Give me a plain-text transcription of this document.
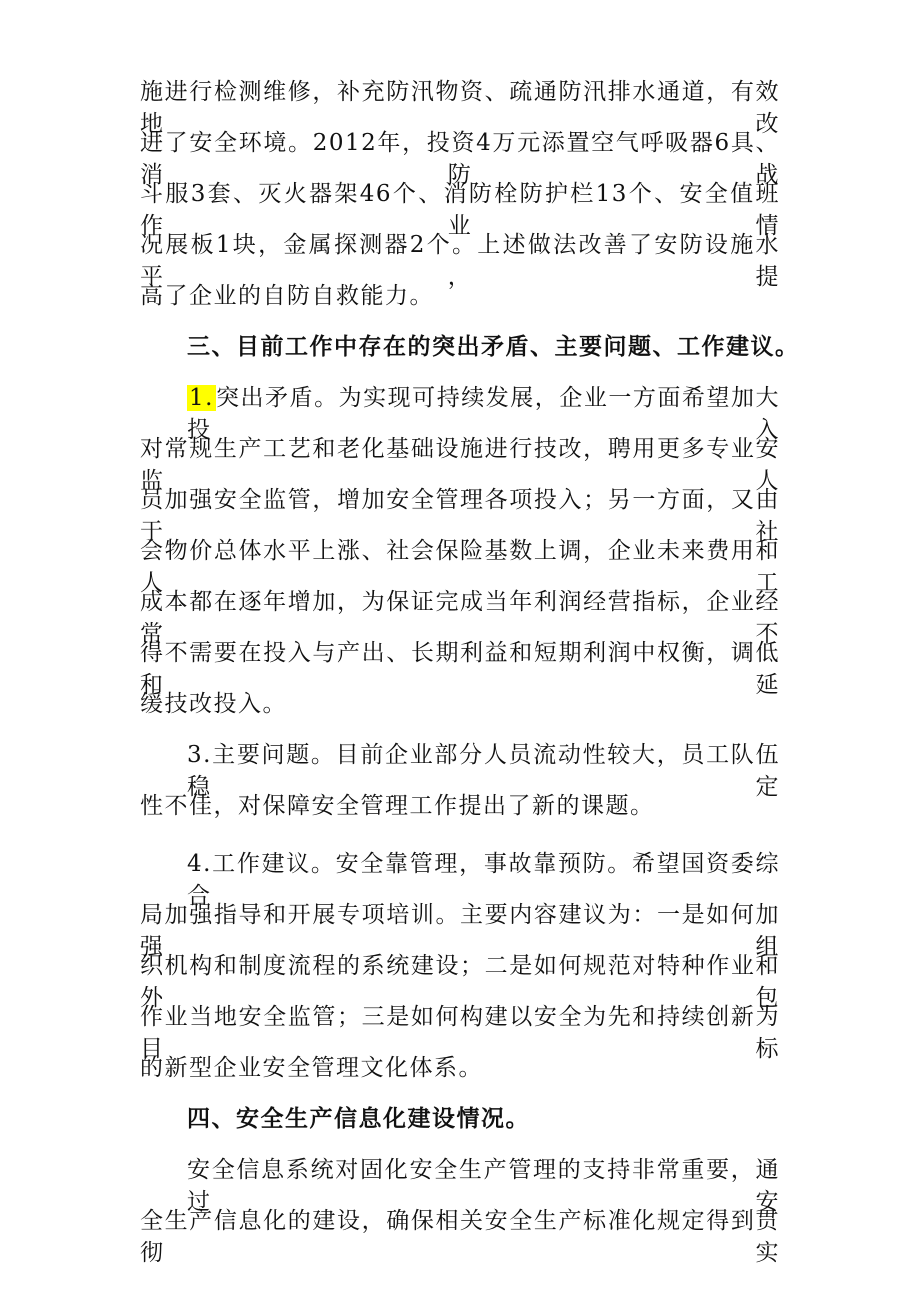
施进行检测维修，补充防汛物资、疏通防汛排水通道，有效地改
进了安全环境。2012年，投资4万元添置空气呼吸器6具、消防战
斗服3套、灭火器架46个、消防栓防护栏13个、安全值班作业情
况展板1块，金属探测器2个。上述做法改善了安防设施水平，提
高了企业的自防自救能力。
三、目前工作中存在的突出矛盾、主要问题、工作建议。
1.突出矛盾。为实现可持续发展，企业一方面希望加大投入
对常规生产工艺和老化基础设施进行技改，聘用更多专业安监人
员加强安全监管，增加安全管理各项投入；另一方面，又由于社
会物价总体水平上涨、社会保险基数上调，企业未来费用和人工
成本都在逐年增加，为保证完成当年利润经营指标，企业经常不
得不需要在投入与产出、长期利益和短期利润中权衡，调低和延
缓技改投入。
3.主要问题。目前企业部分人员流动性较大，员工队伍稳定
性不佳，对保障安全管理工作提出了新的课题。
4.工作建议。安全靠管理，事故靠预防。希望国资委综合
局加强指导和开展专项培训。主要内容建议为：一是如何加强组
织机构和制度流程的系统建设；二是如何规范对特种作业和外包
作业当地安全监管；三是如何构建以安全为先和持续创新为目标
的新型企业安全管理文化体系。
四、安全生产信息化建设情况。
安全信息系统对固化安全生产管理的支持非常重要，通过安
全生产信息化的建设，确保相关安全生产标准化规定得到贯彻实
